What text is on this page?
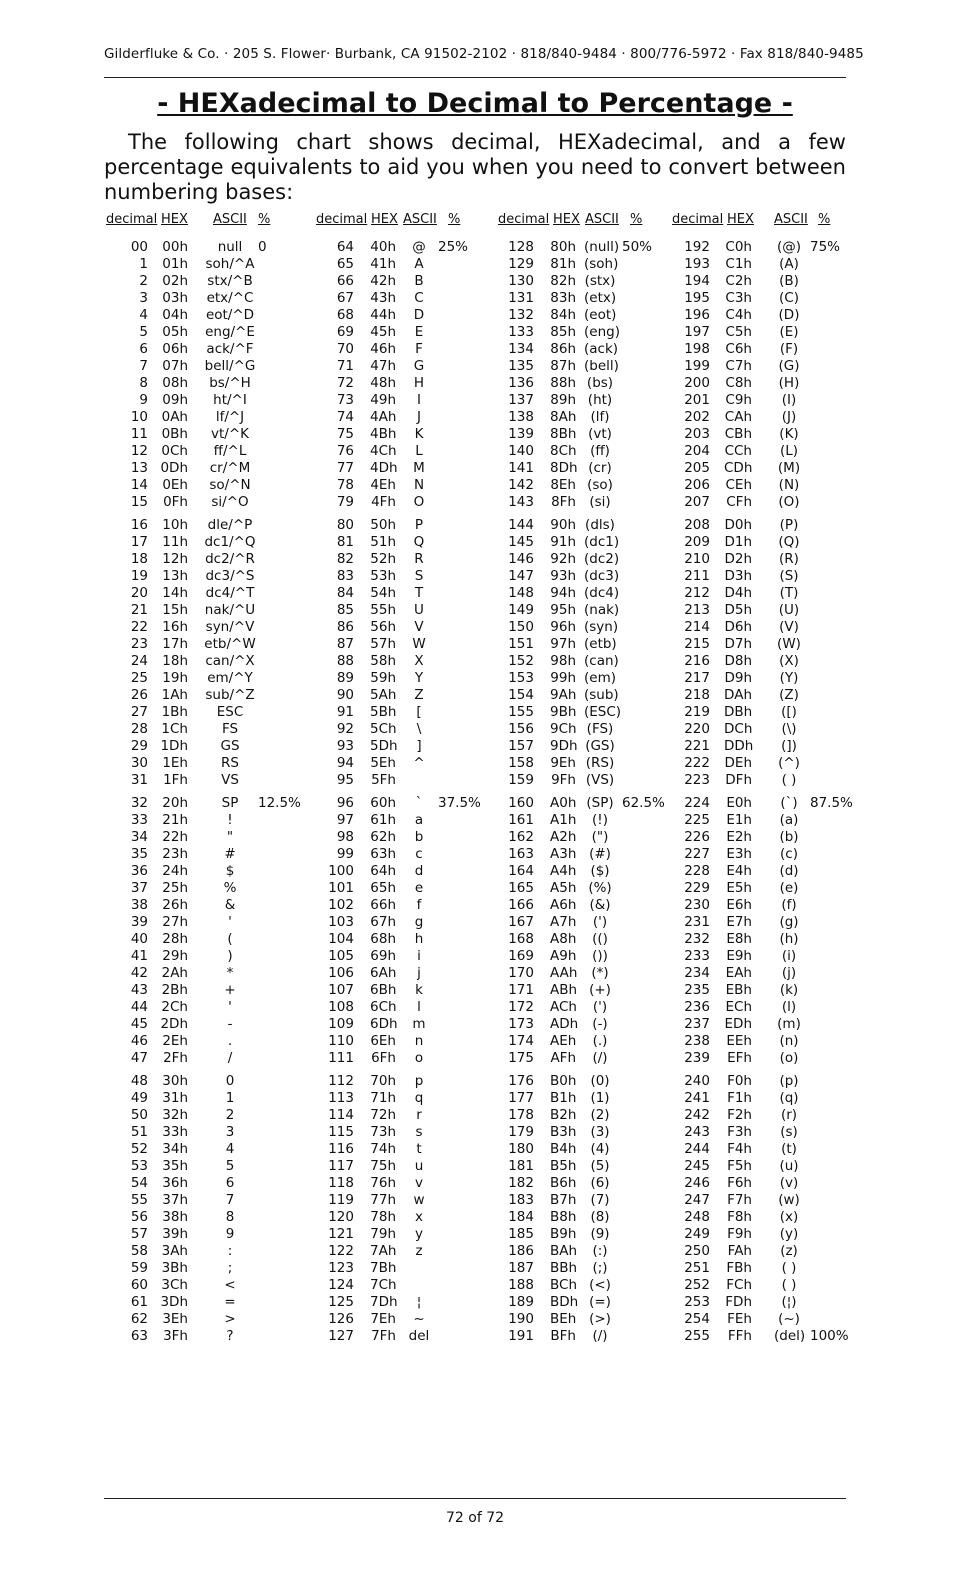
Gilderfluke & Co. · 205 S. Flower· Burbank, CA 91502-2102 · 818/840-9484 · 800/776-5972 · Fax 818/840-9485
- HEXadecimal to Decimal to Percentage -
The following chart shows decimal, HEXadecimal, and a few percentage equivalents to aid you when you need to convert between numbering bases:
decimal HEX ASCII %
00 00h	null	0
1 01h	soh/^A
2 02h	stx/^B
3 03h	etx/^C
4 04h	eot/^D
5 05h	eng/^E
6 06h	ack/^F
7 07h	bell/^G
8 08h	bs/^H
9 09h	ht/^I
10 0Ah	lf/^J
11 0Bh	vt/^K
12 0Ch	ff/^L
13 0Dh	cr/^M
14 0Eh	so/^N
15 0Fh	si/^O
16 10h	dle/^P
17 11h	dc1/^Q
18 12h	dc2/^R
19 13h	dc3/^S
20 14h	dc4/^T
21 15h	nak/^U
22 16h	syn/^V
23 17h	etb/^W
24 18h	can/^X
25 19h	em/^Y
26 1Ah	sub/^Z
27 1Bh	ESC
28 1Ch	FS
29 1Dh	GS
30 1Eh	RS
31 1Fh	VS
32 20h	SP	12.5%
33 21h	!
34 22h	"
35 23h	#
36 24h	$
37 25h	%
38 26h	&
39 27h	'
40 28h	(
41 29h	)
42 2Ah	*
43 2Bh	+
44 2Ch	'
45 2Dh	-
46 2Eh	.
47 2Fh	/
48 30h	0
49 31h	1
50 32h	2
51 33h	3
52 34h	4
53 35h	5
54 36h	6
55 37h	7
56 38h	8
57 39h	9
58 3Ah	:
59 3Bh	;
60 3Ch	<
61 3Dh	=
62 3Eh	>
63 3Fh	?
decimal HEX ASCII %
64 40h	@ 25%
65 41h	A
66 42h	B
67 43h	C
68 44h	D
69 45h	E
70 46h	F
71 47h	G
72 48h	H
73 49h	I
74 4Ah	J
75 4Bh	K
76 4Ch	L
77 4Dh	M
78 4Eh	N
79 4Fh	O
80 50h	P
81 51h	Q
82 52h	R
83 53h	S
84 54h	T
85 55h	U
86 56h	V
87 57h	W
88 58h	X
89 59h	Y
90 5Ah	Z
91 5Bh	[
92 5Ch	\
93 5Dh	]
94 5Eh	^
95 5Fh
96 60h	`	37.5%
97 61h	a
98 62h	b
99 63h	c
100 64h	d
101 65h	e
102 66h	f
103 67h	g
104 68h	h
105 69h	i
106 6Ah	j
107 6Bh	k
108 6Ch	l
109 6Dh	m
110 6Eh	n
111 6Fh	o
112 70h	p
113 71h	q
114 72h	r
115 73h	s
116 74h	t
117 75h	u
118 76h	v
119 77h	w
120 78h	x
121 79h	y
122 7Ah	z
123 7Bh
124 7Ch
125 7Dh	¦
126 7Eh	~
127 7Fh del
decimal HEX ASCII %
128 80h (null) 50%
129 81h (soh)
130 82h (stx)
131 83h (etx)
132 84h (eot)
133 85h (eng)
134 86h (ack)
135 87h (bell)
136 88h (bs)
137 89h (ht)
138 8Ah	(lf)
139 8Bh (vt)
140 8Ch	(ff)
141 8Dh (cr)
142 8Eh (so)
143 8Fh (si)
144 90h (dls)
145 91h (dc1)
146 92h (dc2)
147 93h (dc3)
148 94h (dc4)
149 95h (nak)
150 96h (syn)
151 97h (etb)
152 98h (can)
153 99h (em)
154 9Ah (sub)
155 9Bh (ESC)
156 9Ch (FS)
157 9Dh (GS)
158 9Eh (RS)
159 9Fh (VS)
160 A0h (SP) 62.5%
161 A1h	(!)
162 A2h	(")
163 A3h (#)
164 A4h	($)
165 A5h (%)
166 A6h (&)
167 A7h	(')
168 A8h	(()
169 A9h	())
170 AAh	(*)
171 ABh (+)
172 ACh	(')
173 ADh	(-)
174 AEh	(.)
175 AFh	(/)
176 B0h	(0)
177 B1h	(1)
178 B2h	(2)
179 B3h	(3)
180 B4h	(4)
181 B5h	(5)
182 B6h	(6)
183 B7h	(7)
184 B8h	(8)
185 B9h	(9)
186 BAh	(:)
187 BBh	(;)
188 BCh (<)
189 BDh (=)
190 BEh (>)
191 BFh	(/)
decimal HEX ASCII %
192 C0h (@) 75%
193 C1h	(A)
194 C2h	(B)
195 C3h	(C)
196 C4h	(D)
197 C5h	(E)
198 C6h	(F)
199 C7h	(G)
200 C8h	(H)
201 C9h	(I)
202 CAh	(J)
203 CBh	(K)
204 CCh	(L)
205 CDh (M)
206 CEh	(N)
207 CFh	(O)
208 D0h	(P)
209 D1h	(Q)
210 D2h	(R)
211 D3h	(S)
212 D4h	(T)
213 D5h	(U)
214 D6h	(V)
215 D7h (W)
216 D8h	(X)
217 D9h	(Y)
218 DAh	(Z)
219 DBh	([)
220 DCh	(\)
221 DDh	(])
222 DEh	(^)
223 DFh	( )
224 E0h	(`) 87.5%
225 E1h	(a)
226 E2h	(b)
227 E3h	(c)
228 E4h	(d)
229 E5h	(e)
230 E6h	(f)
231 E7h	(g)
232 E8h	(h)
233 E9h	(i)
234 EAh	(j)
235 EBh	(k)
236 ECh	(l)
237 EDh (m)
238 EEh	(n)
239 EFh	(o)
240 F0h	(p)
241 F1h	(q)
242 F2h	(r)
243 F3h	(s)
244 F4h	(t)
245 F5h	(u)
246 F6h	(v)
247 F7h	(w)
248 F8h	(x)
249 F9h	(y)
250 FAh	(z)
251 FBh	( )
252 FCh	( )
253 FDh	(¦)
254 FEh	(~)
255 FFh (del) 100%
72 of 72
